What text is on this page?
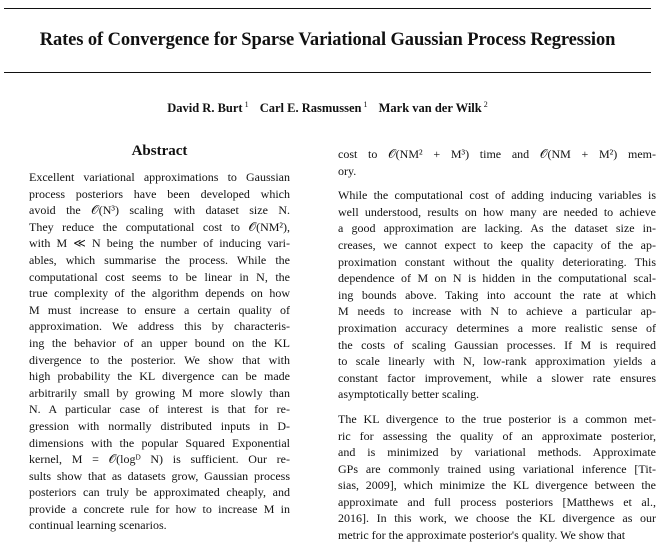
Rates of Convergence for Sparse Variational Gaussian Process Regression
David R. Burt $^1$ Carl E. Rasmussen $^1$ Mark van der Wilk $^2$
Abstract

Excellent variational approximations to Gaussian
process posteriors have been developed which
avoid the 𝒪(N³) scaling with dataset size N.
They reduce the computational cost to 𝒪(NM²),
with M ≪ N being the number of inducing vari-
ables, which summarise the process. While the
computational cost seems to be linear in N, the
true complexity of the algorithm depends on how
M must increase to ensure a certain quality of
approximation. We address this by characteris-
ing the behavior of an upper bound on the KL
divergence to the posterior. We show that with
high probability the KL divergence can be made
arbitrarily small by growing M more slowly than
N. A particular case of interest is that for re-
gression with normally distributed inputs in D-
dimensions with the popular Squared Exponential
kernel, M = 𝒪(logᴰ N) is sufficient. Our re-
sults show that as datasets grow, Gaussian process
posteriors can truly be approximated cheaply, and
provide a concrete rule for how to increase M in
continual learning scenarios.

cost to 𝒪(NM² + M³) time and 𝒪(NM + M²) mem-
ory.

While the computational cost of adding inducing variables is
well understood, results on how many are needed to achieve
a good approximation are lacking. As the dataset size in-
creases, we cannot expect to keep the capacity of the ap-
proximation constant without the quality deteriorating. This
dependence of M on N is hidden in the computational scal-
ing bounds above. Taking into account the rate at which
M needs to increase with N to achieve a particular ap-
proximation accuracy determines a more realistic sense of
the costs of scaling Gaussian processes. If M is required
to scale linearly with N, low-rank approximation yields a
constant factor improvement, while a slower rate ensures
asymptotically better scaling.

The KL divergence to the true posterior is a common met-
ric for assessing the quality of an approximate posterior,
and is minimized by variational methods. Approximate
GPs are commonly trained using variational inference [Tit-
sias, 2009], which minimize the KL divergence between the
approximate and full process posteriors [Matthews et al.,
2016]. In this work, we choose the KL divergence as our
metric for the approximate posterior's quality. We show that
